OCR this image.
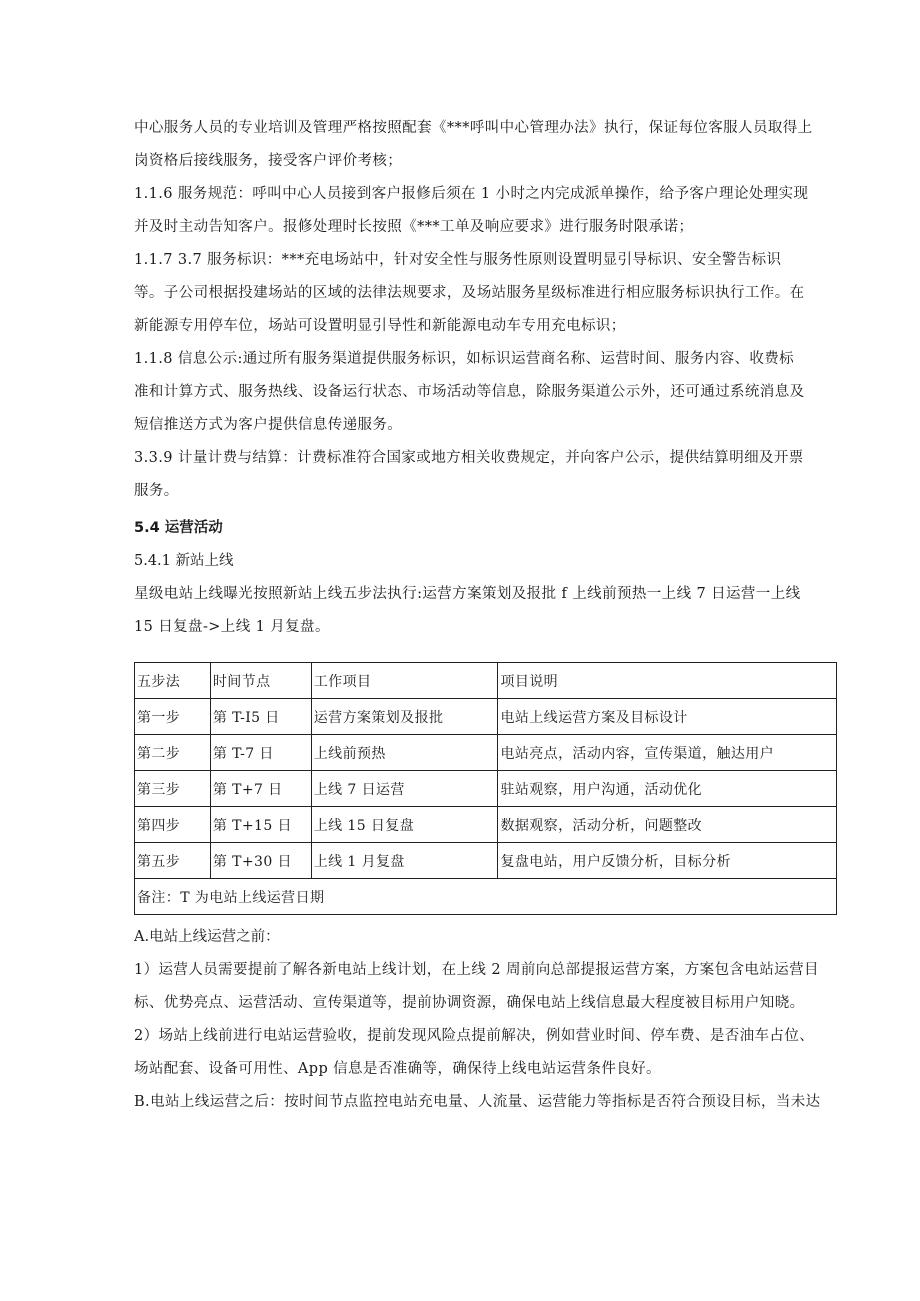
中心服务人员的专业培训及管理严格按照配套《***呼叫中心管理办法》执行，保证每位客服人员取得上
岗资格后接线服务，接受客户评价考核；

1.1.6 服务规范：呼叫中心人员接到客户报修后须在 1 小时之内完成派单操作，给予客户理论处理实现
并及时主动告知客户。报修处理时长按照《***工单及响应要求》进行服务时限承诺；

1.1.7 3.7 服务标识：***充电场站中，针对安全性与服务性原则设置明显引导标识、安全警告标识
等。子公司根据投建场站的区域的法律法规要求，及场站服务星级标准进行相应服务标识执行工作。在
新能源专用停车位，场站可设置明显引导性和新能源电动车专用充电标识；

1.1.8 信息公示:通过所有服务渠道提供服务标识，如标识运营商名称、运营时间、服务内容、收费标
准和计算方式、服务热线、设备运行状态、市场活动等信息，除服务渠道公示外，还可通过系统消息及
短信推送方式为客户提供信息传递服务。

3.3.9 计量计费与结算：计费标准符合国家或地方相关收费规定，并向客户公示，提供结算明细及开票
服务。

5.4 运营活动
5.4.1 新站上线

星级电站上线曝光按照新站上线五步法执行:运营方案策划及报批 f 上线前预热一上线 7 日运营一上线
15 日复盘->上线 1 月复盘。

五步法	时间节点	工作项目	项目说明
第一步	第 T-I5 日	运营方案策划及报批	电站上线运营方案及目标设计
第二步	第 T-7 日	上线前预热	电站亮点，活动内容，宣传渠道，触达用户
第三步	第 T+7 日	上线 7 日运营	驻站观察，用户沟通，活动优化
第四步	第 T+15 日	上线 15 日复盘	数据观察，活动分析，问题整改
第五步	第 T+30 日	上线 1 月复盘	复盘电站，用户反馈分析，目标分析
备注：T 为电站上线运营日期			
A.电站上线运营之前：

1）运营人员需要提前了解各新电站上线计划，在上线 2 周前向总部提报运营方案，方案包含电站运营目
标、优势亮点、运营活动、宣传渠道等，提前协调资源，确保电站上线信息最大程度被目标用户知晓。

2）场站上线前进行电站运营验收，提前发现风险点提前解决，例如营业时间、停车费、是否油车占位、
场站配套、设备可用性、App 信息是否准确等，确保待上线电站运营条件良好。

B.电站上线运营之后：按时间节点监控电站充电量、人流量、运营能力等指标是否符合预设目标，当未达
